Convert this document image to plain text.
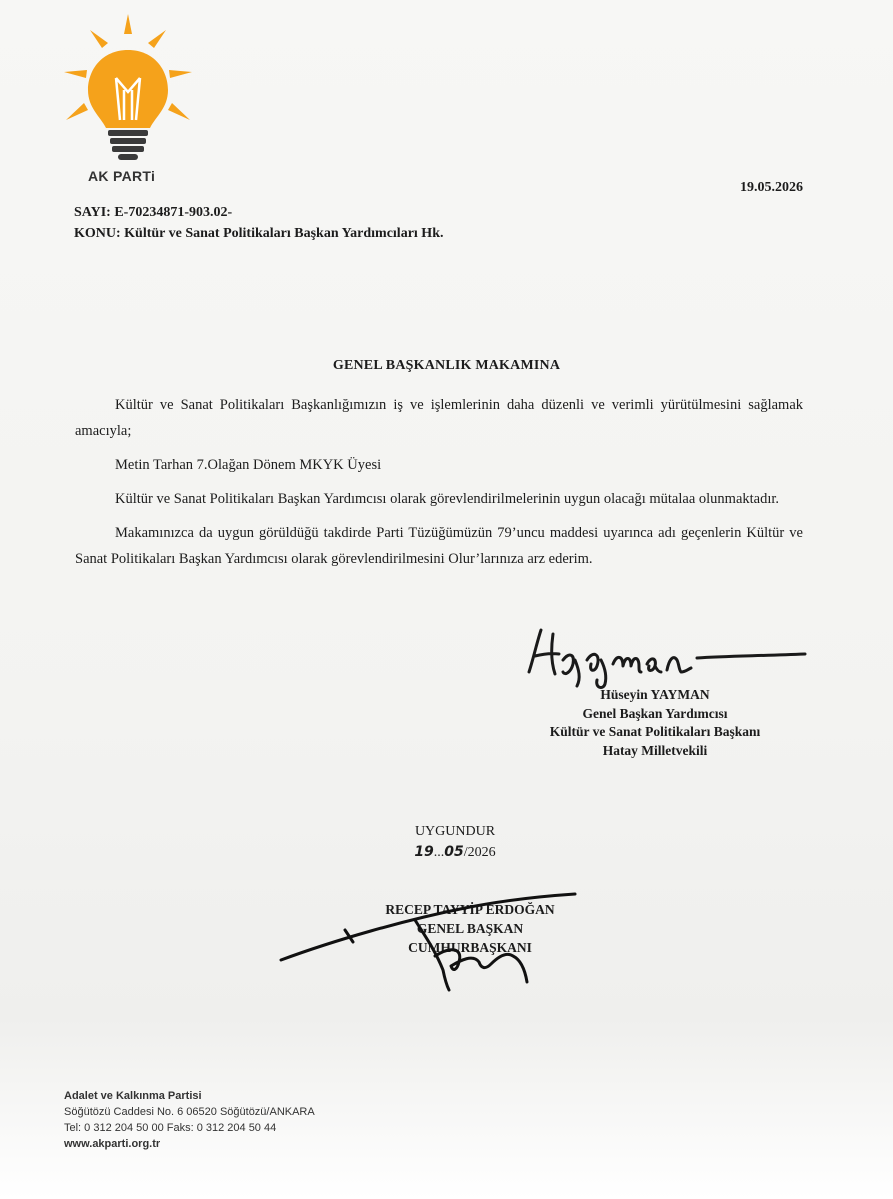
AK PARTi
19.05.2026
SAYI: E-70234871-903.02-
KONU: Kültür ve Sanat Politikaları Başkan Yardımcıları Hk.
GENEL BAŞKANLIK MAKAMINA

Kültür ve Sanat Politikaları Başkanlığımızın iş ve işlemlerinin daha düzenli ve verimli yürütülmesini sağlamak amacıyla;

Metin Tarhan 7.Olağan Dönem MKYK Üyesi

Kültür ve Sanat Politikaları Başkan Yardımcısı olarak görevlendirilmelerinin uygun olacağı mütalaa olunmaktadır.

Makamınızca da uygun görüldüğü takdirde Parti Tüzüğümüzün 79’uncu maddesi uyarınca adı geçenlerin Kültür ve Sanat Politikaları Başkan Yardımcısı olarak görevlendirilmesini Olur’larınıza arz ederim.

Hüseyin YAYMAN
Genel Başkan Yardımcısı
Kültür ve Sanat Politikaları Başkanı
Hatay Milletvekili
UYGUNDUR
19...05/2026
RECEP TAYYİP ERDOĞAN
GENEL BAŞKAN
CUMHURBAŞKANI
Adalet ve Kalkınma Partisi
Söğütözü Caddesi No. 6 06520 Söğütözü/ANKARA
Tel: 0 312 204 50 00 Faks: 0 312 204 50 44
www.akparti.org.tr
